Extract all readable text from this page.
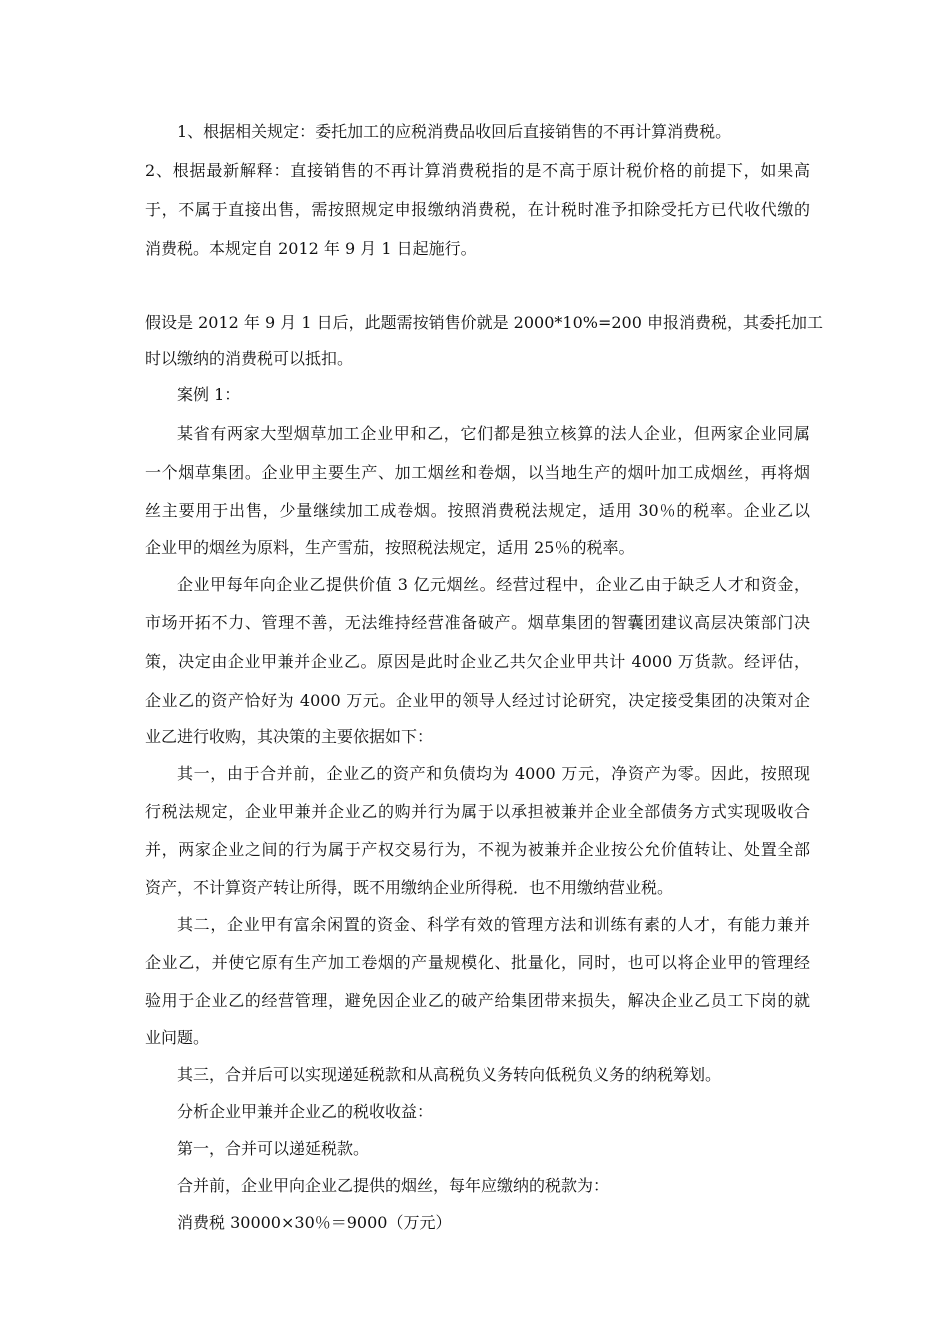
1、根据相关规定：委托加工的应税消费品收回后直接销售的不再计算消费税。
2、根据最新解释：直接销售的不再计算消费税指的是不高于原计税价格的前提下，如果高
于，不属于直接出售，需按照规定申报缴纳消费税，在计税时准予扣除受托方已代收代缴的
消费税。本规定自 2012 年 9 月 1 日起施行。
假设是 2012 年 9 月 1 日后，此题需按销售价就是 2000*10%=200 申报消费税，其委托加工
时以缴纳的消费税可以抵扣。
案例 1：
某省有两家大型烟草加工企业甲和乙，它们都是独立核算的法人企业，但两家企业同属
一个烟草集团。企业甲主要生产、加工烟丝和卷烟，以当地生产的烟叶加工成烟丝，再将烟
丝主要用于出售，少量继续加工成卷烟。按照消费税法规定，适用 30％的税率。企业乙以
企业甲的烟丝为原料，生产雪茄，按照税法规定，适用 25％的税率。
企业甲每年向企业乙提供价值 3 亿元烟丝。经营过程中，企业乙由于缺乏人才和资金，
市场开拓不力、管理不善，无法维持经营准备破产。烟草集团的智囊团建议高层决策部门决
策，决定由企业甲兼并企业乙。原因是此时企业乙共欠企业甲共计 4000 万货款。经评估，
企业乙的资产恰好为 4000 万元。企业甲的领导人经过讨论研究，决定接受集团的决策对企
业乙进行收购，其决策的主要依据如下：
其一，由于合并前，企业乙的资产和负债均为 4000 万元，净资产为零。因此，按照现
行税法规定，企业甲兼并企业乙的购并行为属于以承担被兼并企业全部债务方式实现吸收合
并，两家企业之间的行为属于产权交易行为，不视为被兼并企业按公允价值转让、处置全部
资产，不计算资产转让所得，既不用缴纳企业所得税．也不用缴纳营业税。
其二，企业甲有富余闲置的资金、科学有效的管理方法和训练有素的人才，有能力兼并
企业乙，并使它原有生产加工卷烟的产量规模化、批量化，同时，也可以将企业甲的管理经
验用于企业乙的经营管理，避免因企业乙的破产给集团带来损失，解决企业乙员工下岗的就
业问题。
其三，合并后可以实现递延税款和从高税负义务转向低税负义务的纳税筹划。
分析企业甲兼并企业乙的税收收益：
第一，合并可以递延税款。
合并前，企业甲向企业乙提供的烟丝，每年应缴纳的税款为：
消费税 30000×30％＝9000（万元）
